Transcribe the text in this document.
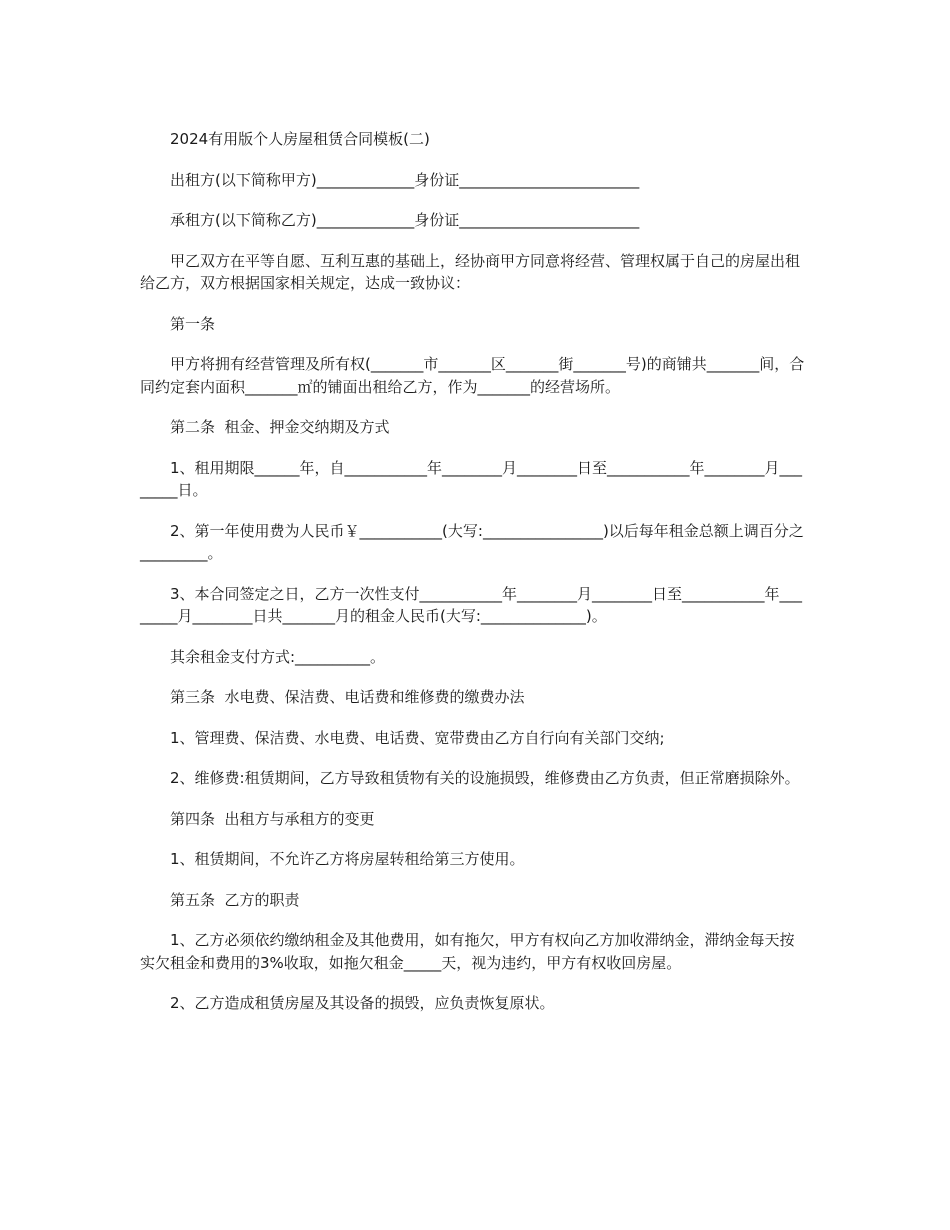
2024有用版个人房屋租赁合同模板(二)

出租方(以下简称甲方)_____________身份证________________________

承租方(以下简称乙方)_____________身份证________________________

甲乙双方在平等自愿、互利互惠的基础上，经协商甲方同意将经营、管理权属于自己的房屋出租给乙方，双方根据国家相关规定，达成一致协议：

第一条

甲方将拥有经营管理及所有权(_______市_______区_______街_______号)的商铺共_______间，合同约定套内面积_______㎡的铺面出租给乙方，作为_______的经营场所。

第二条  租金、押金交纳期及方式

1、租用期限______年，自___________年________月________日至___________年________月________日。

2、第一年使用费为人民币￥___________(大写:________________)以后每年租金总额上调百分之_________。

3、本合同签定之日，乙方一次性支付___________年________月________日至___________年________月________日共_______月的租金人民币(大写:______________)。

其余租金支付方式:__________。

第三条  水电费、保洁费、电话费和维修费的缴费办法

1、管理费、保洁费、水电费、电话费、宽带费由乙方自行向有关部门交纳;

2、维修费:租赁期间，乙方导致租赁物有关的设施损毁，维修费由乙方负责，但正常磨损除外。

第四条  出租方与承租方的变更

1、租赁期间，不允许乙方将房屋转租给第三方使用。

第五条  乙方的职责

1、乙方必须依约缴纳租金及其他费用，如有拖欠，甲方有权向乙方加收滞纳金，滞纳金每天按实欠租金和费用的3%收取，如拖欠租金_____天，视为违约，甲方有权收回房屋。

2、乙方造成租赁房屋及其设备的损毁，应负责恢复原状。
